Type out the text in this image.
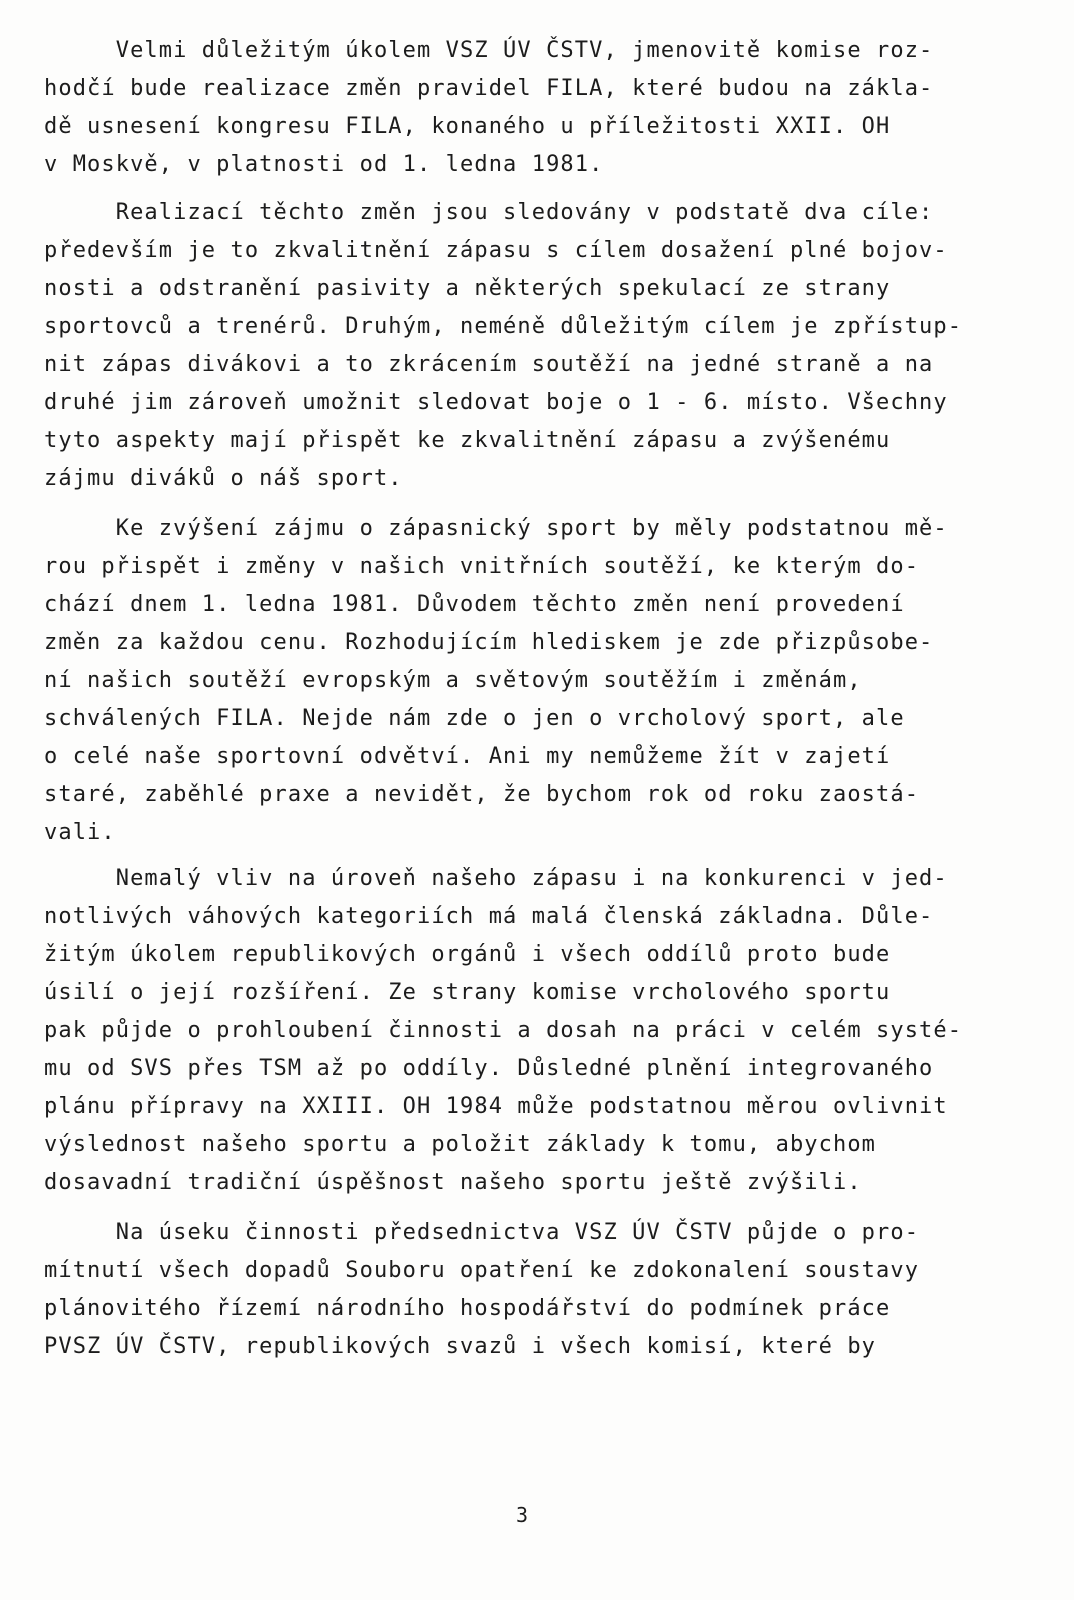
Velmi důležitým úkolem VSZ ÚV ČSTV, jmenovitě komise roz-

hodčí bude realizace změn pravidel FILA, které budou na zákla-

dě usnesení kongresu FILA, konaného u příležitosti XXII. OH

v Moskvě, v platnosti od 1. ledna 1981.

Realizací těchto změn jsou sledovány v podstatě dva cíle:

především je to zkvalitnění zápasu s cílem dosažení plné bojov-

nosti a odstranění pasivity a některých spekulací ze strany

sportovců a trenérů. Druhým, neméně důležitým cílem je zpřístup-

nit zápas divákovi a to zkrácením soutěží na jedné straně a na

druhé jim zároveň umožnit sledovat boje o 1 - 6. místo. Všechny

tyto aspekty mají přispět ke zkvalitnění zápasu a zvýšenému

zájmu diváků o náš sport.

Ke zvýšení zájmu o zápasnický sport by měly podstatnou mě-

rou přispět i změny v našich vnitřních soutěží, ke kterým do-

chází dnem 1. ledna 1981. Důvodem těchto změn není provedení

změn za každou cenu. Rozhodujícím hlediskem je zde přizpůsobe-

ní našich soutěží evropským a světovým soutěžím i změnám,

schválených FILA. Nejde nám zde o jen o vrcholový sport, ale

o celé naše sportovní odvětví. Ani my nemůžeme žít v zajetí

staré, zaběhlé praxe a nevidět, že bychom rok od roku zaostá-

vali.

Nemalý vliv na úroveň našeho zápasu i na konkurenci v jed-

notlivých váhových kategoriích má malá členská základna. Důle-

žitým úkolem republikových orgánů i všech oddílů proto bude

úsilí o její rozšíření. Ze strany komise vrcholového sportu

pak půjde o prohloubení činnosti a dosah na práci v celém systé-

mu od SVS přes TSM až po oddíly. Důsledné plnění integrovaného

plánu přípravy na XXIII. OH 1984 může podstatnou měrou ovlivnit

výslednost našeho sportu a položit základy k tomu, abychom

dosavadní tradiční úspěšnost našeho sportu ještě zvýšili.

Na úseku činnosti předsednictva VSZ ÚV ČSTV půjde o pro-

mítnutí všech dopadů Souboru opatření ke zdokonalení soustavy

plánovitého řízemí národního hospodářství do podmínek práce

PVSZ ÚV ČSTV, republikových svazů i všech komisí, které by

3
